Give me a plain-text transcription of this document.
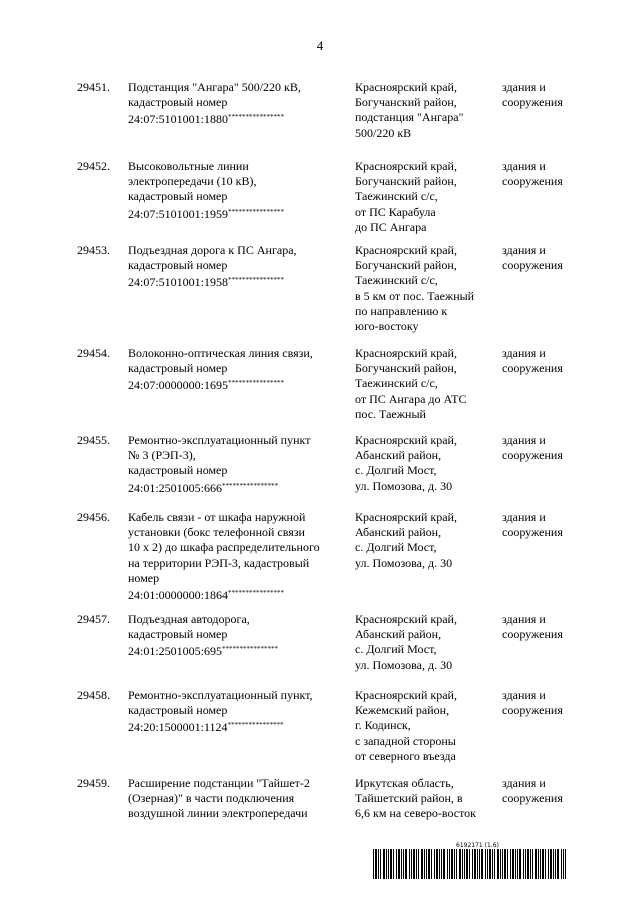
4
29451. Подстанция "Ангара" 500/220 кВ,
кадастровый номер
24:07:5101001:1880****************
Красноярский край,
Богучанский район,
подстанция "Ангара"
500/220 кВ
здания и
сооружения
29452. Высоковольтные линии
электропередачи (10 кВ),
кадастровый номер
24:07:5101001:1959****************
Красноярский край,
Богучанский район,
Таежинский с/с,
от ПС Карабула
до ПС Ангара
здания и
сооружения
29453. Подъездная дорога к ПС Ангара,
кадастровый номер
24:07:5101001:1958****************
Красноярский край,
Богучанский район,
Таежинский с/с,
в 5 км от пос. Таежный
по направлению к
юго-востоку
здания и
сооружения
29454. Волоконно-оптическая линия связи,
кадастровый номер
24:07:0000000:1695****************
Красноярский край,
Богучанский район,
Таежинский с/с,
от ПС Ангара до АТС
пос. Таежный
здания и
сооружения
29455. Ремонтно-эксплуатационный пункт
№ 3 (РЭП-3),
кадастровый номер
24:01:2501005:666****************
Красноярский край,
Абанский район,
с. Долгий Мост,
ул. Помозова, д. 30
здания и
сооружения
29456. Кабель связи - от шкафа наружной
установки (бокс телефонной связи
10 х 2) до шкафа распределительного
на территории РЭП-3, кадастровый
номер
24:01:0000000:1864****************
Красноярский край,
Абанский район,
с. Долгий Мост,
ул. Помозова, д. 30
здания и
сооружения
29457. Подъездная автодорога,
кадастровый номер
24:01:2501005:695****************
Красноярский край,
Абанский район,
с. Долгий Мост,
ул. Помозова, д. 30
здания и
сооружения
29458. Ремонтно-эксплуатационный пункт,
кадастровый номер
24:20:1500001:1124****************
Красноярский край,
Кежемский район,
г. Кодинск,
с западной стороны
от северного въезда
здания и
сооружения
29459. Расширение подстанции "Тайшет-2
(Озерная)" в части подключения
воздушной линии электропередачи
Иркутская область,
Тайшетский район, в
6,6 км на северо-восток
здания и
сооружения
6192171 (1.6)
